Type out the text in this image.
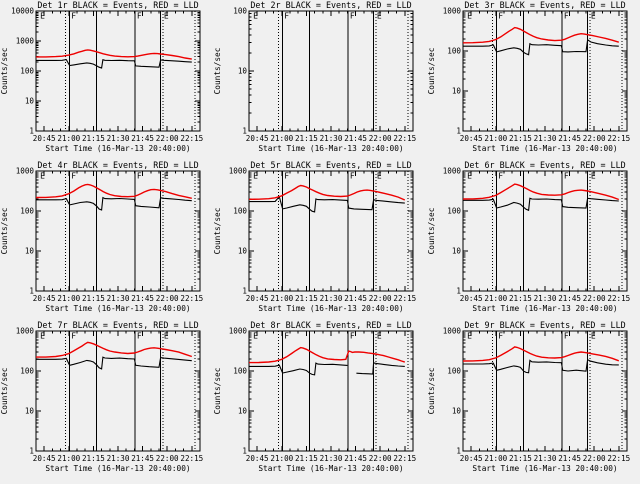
Det 1r BLACK = Events, RED = LLD
20:45 21:00 21:15 21:30 21:45 22:00 22:15
1
10
100
1000
10000
E	F	F	E
Start Time (16-Mar-13 20:40:00)
Counts/sec
Det 2r BLACK = Events, RED = LLD
20:45 21:00 21:15 21:30 21:45 22:00 22:15
1
10
100
E	F	F	E
Start Time (16-Mar-13 20:40:00)
Counts/sec
Det 3r BLACK = Events, RED = LLD
20:45 21:00 21:15 21:30 21:45 22:00 22:15
1
10
100
1000
E	F	F	E
Start Time (16-Mar-13 20:40:00)
Counts/sec
Det 4r BLACK = Events, RED = LLD
20:45 21:00 21:15 21:30 21:45 22:00 22:15
1
10
100
1000
E	F	F	E
Start Time (16-Mar-13 20:40:00)
Counts/sec
Det 5r BLACK = Events, RED = LLD
20:45 21:00 21:15 21:30 21:45 22:00 22:15
1
10
100
1000
E	F	F	E
Start Time (16-Mar-13 20:40:00)
Counts/sec
Det 6r BLACK = Events, RED = LLD
20:45 21:00 21:15 21:30 21:45 22:00 22:15
1
10
100
1000
E	F	F	E
Start Time (16-Mar-13 20:40:00)
Counts/sec
Det 7r BLACK = Events, RED = LLD
20:45 21:00 21:15 21:30 21:45 22:00 22:15
1
10
100
1000
E	F	F	E
Start Time (16-Mar-13 20:40:00)
Counts/sec
Det 8r BLACK = Events, RED = LLD
20:45 21:00 21:15 21:30 21:45 22:00 22:15
1
10
100
1000
E	F	F	E
Start Time (16-Mar-13 20:40:00)
Counts/sec
Det 9r BLACK = Events, RED = LLD
20:45 21:00 21:15 21:30 21:45 22:00 22:15
1
10
100
1000
E	F	F	E
Start Time (16-Mar-13 20:40:00)
Counts/sec
